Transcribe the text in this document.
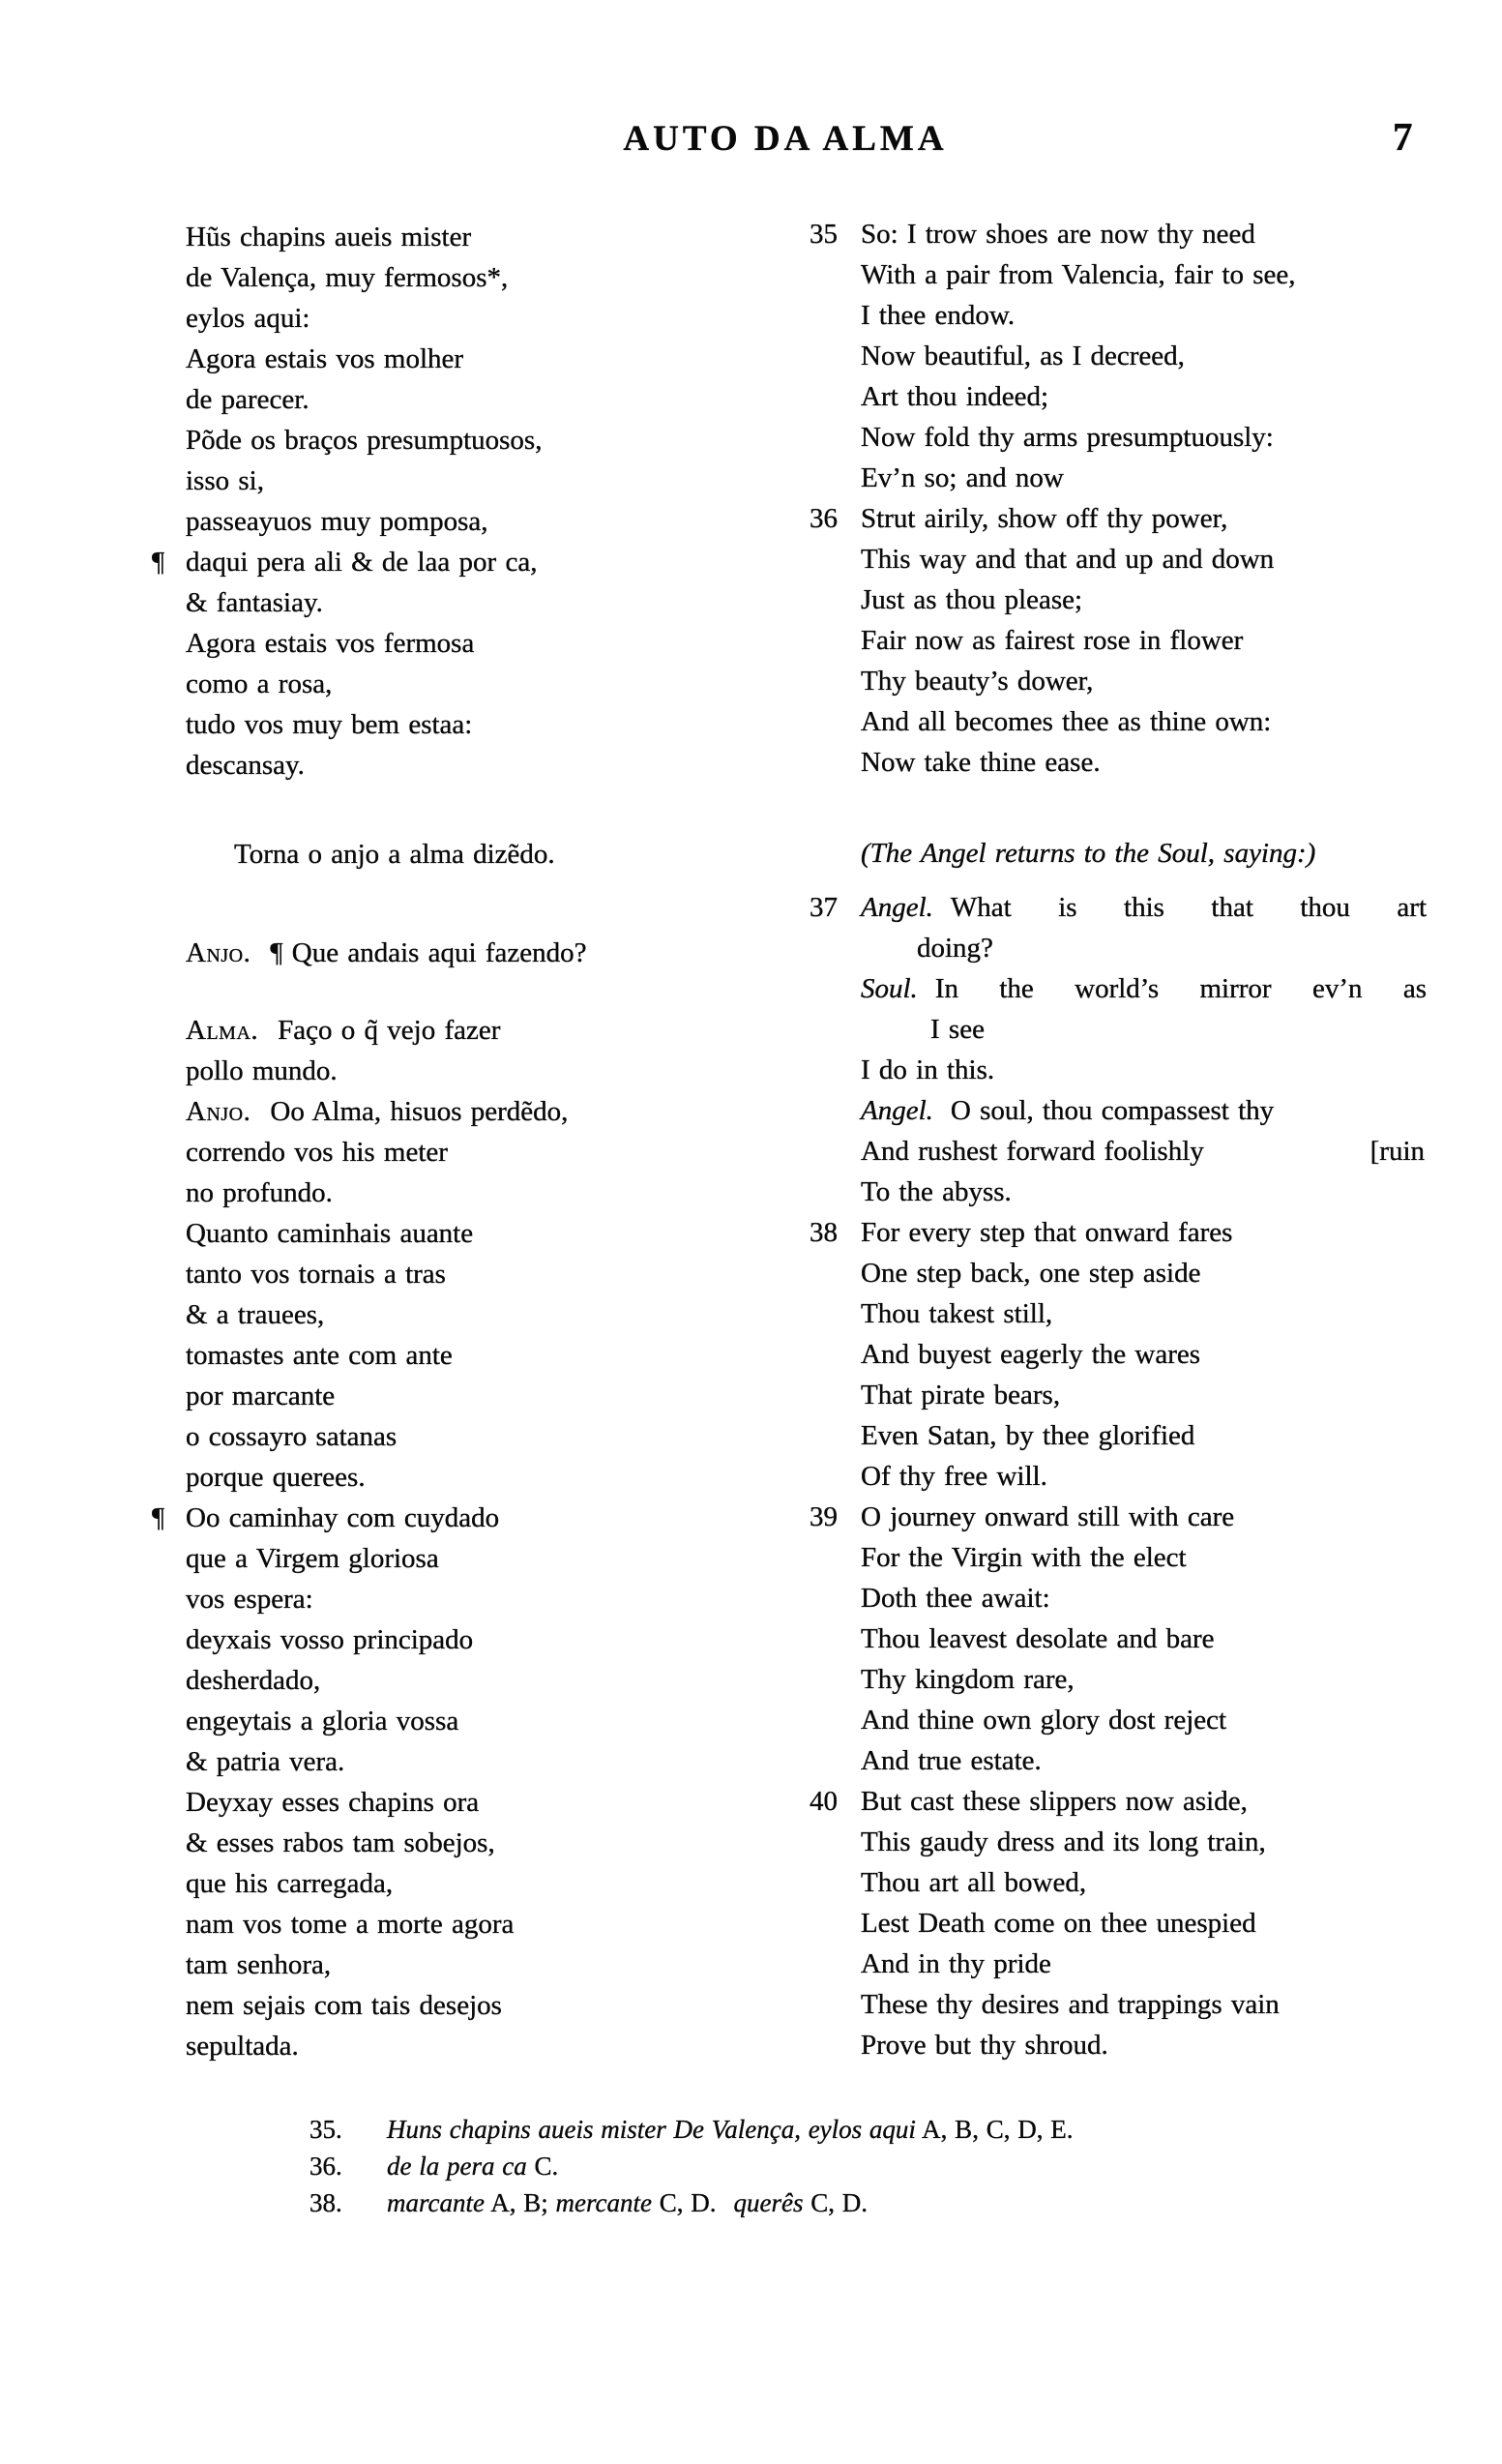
AUTO DA ALMA	7
Hũs chapins aueis mister
de Valença, muy fermosos*,
eylos aqui:
Agora estais vos molher
de parecer.
Põde os braços presumptuosos,
isso si,
passeayuos muy pomposa,
¶ daqui pera ali & de laa por ca,
& fantasiay.
Agora estais vos fermosa
como a rosa,
tudo vos muy bem estaa:
descansay.
Torna o anjo a alma dizẽdo.
Anjo. ¶ Que andais aqui fazendo?
Alma. Faço o q̃ vejo fazer
pollo mundo.
Anjo. Oo Alma, hisuos perdẽdo,
correndo vos his meter
no profundo.
Quanto caminhais auante
tanto vos tornais a tras
& a trauees,
tomastes ante com ante
por marcante
o cossayro satanas
porque querees.
¶ Oo caminhay com cuydado
que a Virgem gloriosa
vos espera:
deyxais vosso principado
desherdado,
engeytais a gloria vossa
& patria vera.
Deyxay esses chapins ora
& esses rabos tam sobejos,
que his carregada,
nam vos tome a morte agora
tam senhora,
nem sejais com tais desejos
sepultada.
35 So: I trow shoes are now thy need
With a pair from Valencia, fair to see,
I thee endow.
Now beautiful, as I decreed,
Art thou indeed;
Now fold thy arms presumptuously:
Ev’n so; and now
36 Strut airily, show off thy power,
This way and that and up and down
Just as thou please;
Fair now as fairest rose in flower
Thy beauty’s dower,
And all becomes thee as thine own:
Now take thine ease.
(The Angel returns to the Soul, saying:)
37 Angel. What is this that thou art
doing?
Soul. In the world’s mirror ev’n as
I see
I do in this.
Angel. O soul, thou compassest thy
And rushest forward foolishly	[ruin
To the abyss.
38 For every step that onward fares
One step back, one step aside
Thou takest still,
And buyest eagerly the wares
That pirate bears,
Even Satan, by thee glorified
Of thy free will.
39 O journey onward still with care
For the Virgin with the elect
Doth thee await:
Thou leavest desolate and bare
Thy kingdom rare,
And thine own glory dost reject
And true estate.
40 But cast these slippers now aside,
This gaudy dress and its long train,
Thou art all bowed,
Lest Death come on thee unespied
And in thy pride
These thy desires and trappings vain
Prove but thy shroud.
35. Huns chapins aueis mister De Valença, eylos aqui A, B, C, D, E.
36. de la pera ca C.
38. marcante A, B; mercante C, D. querês C, D.
